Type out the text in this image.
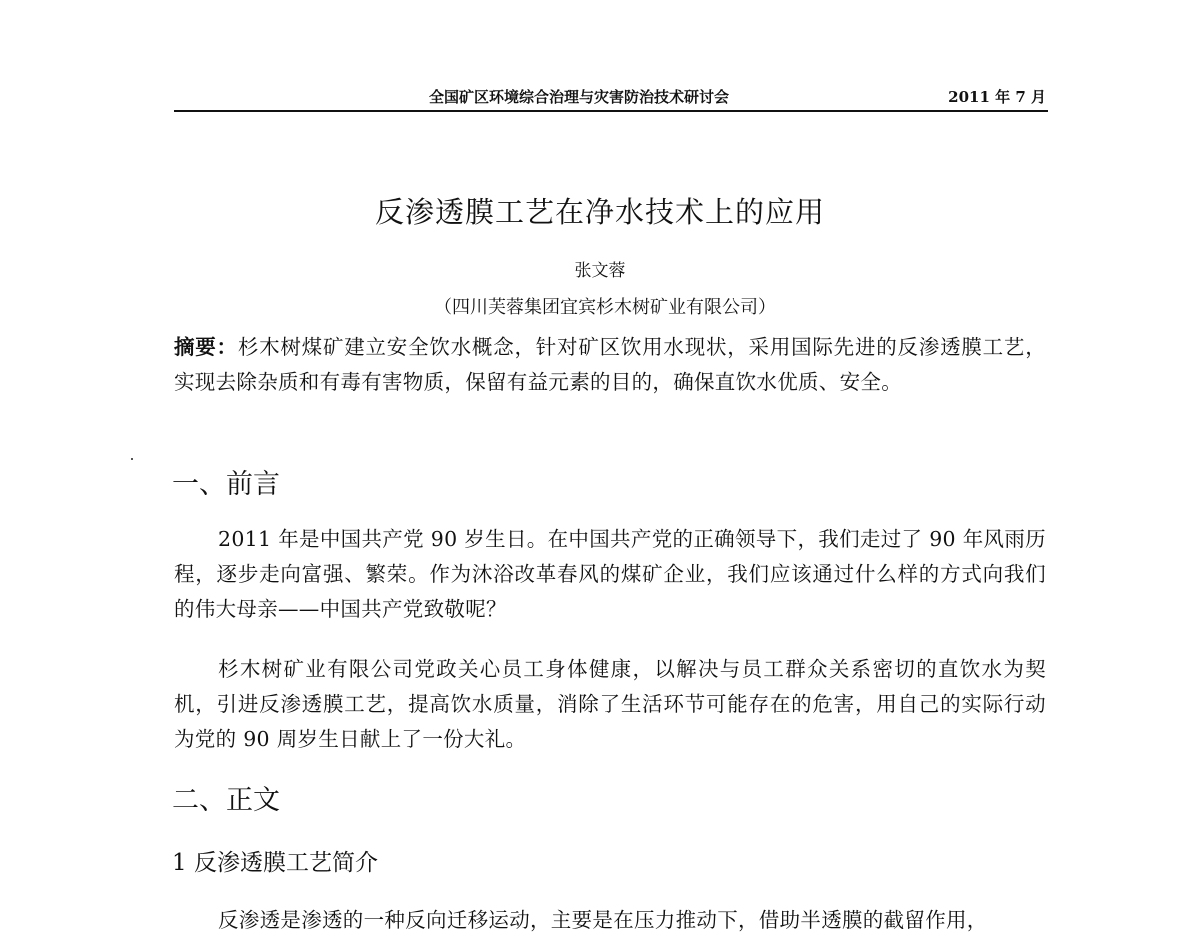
全国矿区环境综合治理与灾害防治技术研讨会	2011 年 7 月
反渗透膜工艺在净水技术上的应用
张文蓉
（四川芙蓉集团宜宾杉木树矿业有限公司）
摘要：杉木树煤矿建立安全饮水概念，针对矿区饮用水现状，采用国际先进的反渗透膜工艺，实现去除杂质和有毒有害物质，保留有益元素的目的，确保直饮水优质、安全。
一、前言
2011 年是中国共产党 90 岁生日。在中国共产党的正确领导下，我们走过了 90 年风雨历程，逐步走向富强、繁荣。作为沐浴改革春风的煤矿企业，我们应该通过什么样的方式向我们的伟大母亲——中国共产党致敬呢？
杉木树矿业有限公司党政关心员工身体健康，以解决与员工群众关系密切的直饮水为契机，引进反渗透膜工艺，提高饮水质量，消除了生活环节可能存在的危害，用自己的实际行动为党的 90 周岁生日献上了一份大礼。
二、正文
1 反渗透膜工艺简介
反渗透是渗透的一种反向迁移运动，主要是在压力推动下，借助半透膜的截留作用，
